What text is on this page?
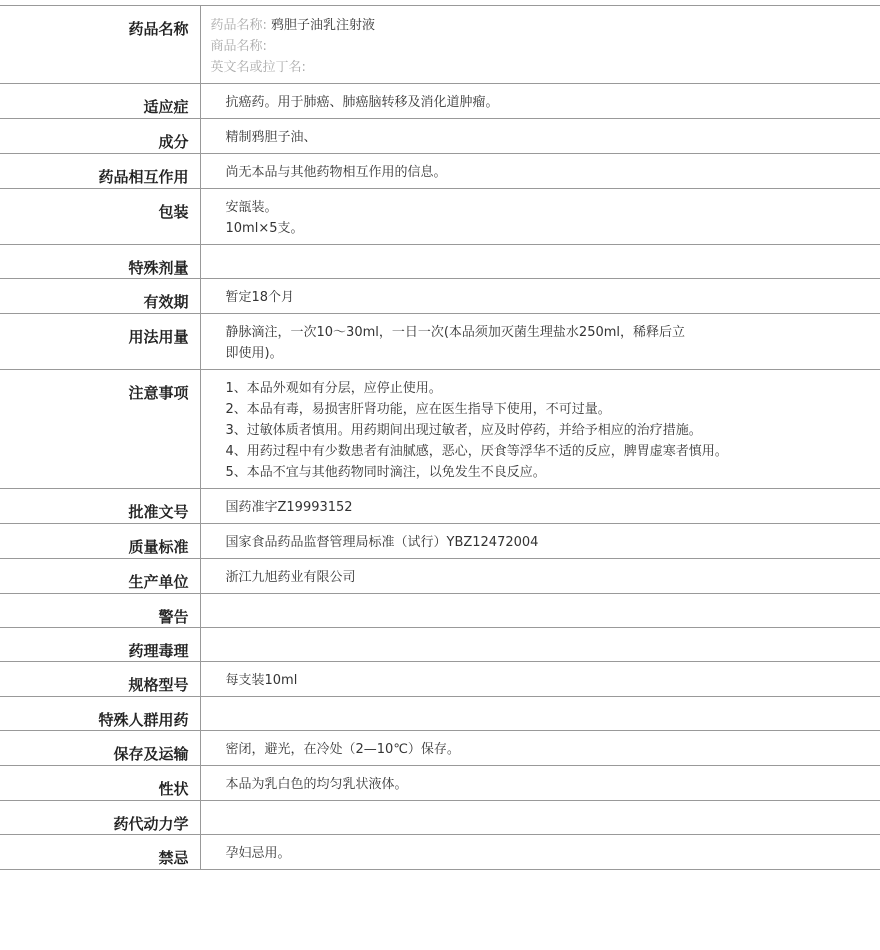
药品名称	药品名称: 鸦胆子油乳注射液
商品名称:
英文名或拉丁名:

适应症	抗癌药。用于肺癌、肺癌脑转移及消化道肿瘤。

成分	精制鸦胆子油、

药品相互作用	尚无本品与其他药物相互作用的信息。

包装	安瓿装。
10ml×5支。

特殊剂量	

有效期	暂定18个月

用法用量	静脉滴注，一次10～30ml，一日一次(本品须加灭菌生理盐水250ml，稀释后立
即使用)。

注意事项	1、本品外观如有分层，应停止使用。
2、本品有毒，易损害肝肾功能，应在医生指导下使用，不可过量。
3、过敏体质者慎用。用药期间出现过敏者，应及时停药，并给予相应的治疗措施。
4、用药过程中有少数患者有油腻感，恶心，厌食等浮华不适的反应，脾胃虚寒者慎用。
5、本品不宜与其他药物同时滴注，以免发生不良反应。

批准文号	国药准字Z19993152

质量标准	国家食品药品监督管理局标准（试行）YBZ12472004

生产单位	浙江九旭药业有限公司

警告	

药理毒理	

规格型号	每支装10ml

特殊人群用药	

保存及运输	密闭，避光，在冷处（2—10℃）保存。

性状	本品为乳白色的均匀乳状液体。

药代动力学	

禁忌	孕妇忌用。
